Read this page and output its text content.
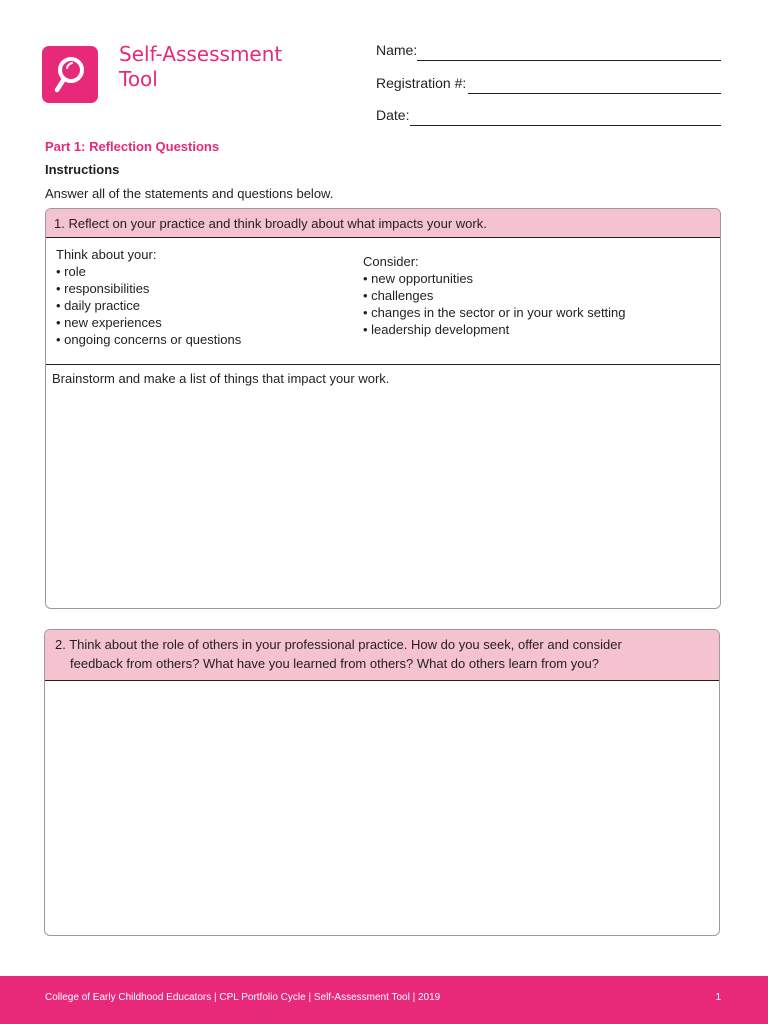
Self-Assessment
Tool
Name:
Registration #:
Date:
Part 1: Reflection Questions
Instructions
Answer all of the statements and questions below.
1. Reflect on your practice and think broadly about what impacts your work.
Think about your:
• role
• responsibilities
• daily practice
• new experiences
• ongoing concerns or questions
Consider:
• new opportunities
• challenges
• changes in the sector or in your work setting
• leadership development
Brainstorm and make a list of things that impact your work.
2. Think about the role of others in your professional practice. How do you seek, offer and consider
feedback from others? What have you learned from others? What do others learn from you?
College of Early Childhood Educators | CPL Portfolio Cycle | Self-Assessment Tool | 2019	1
